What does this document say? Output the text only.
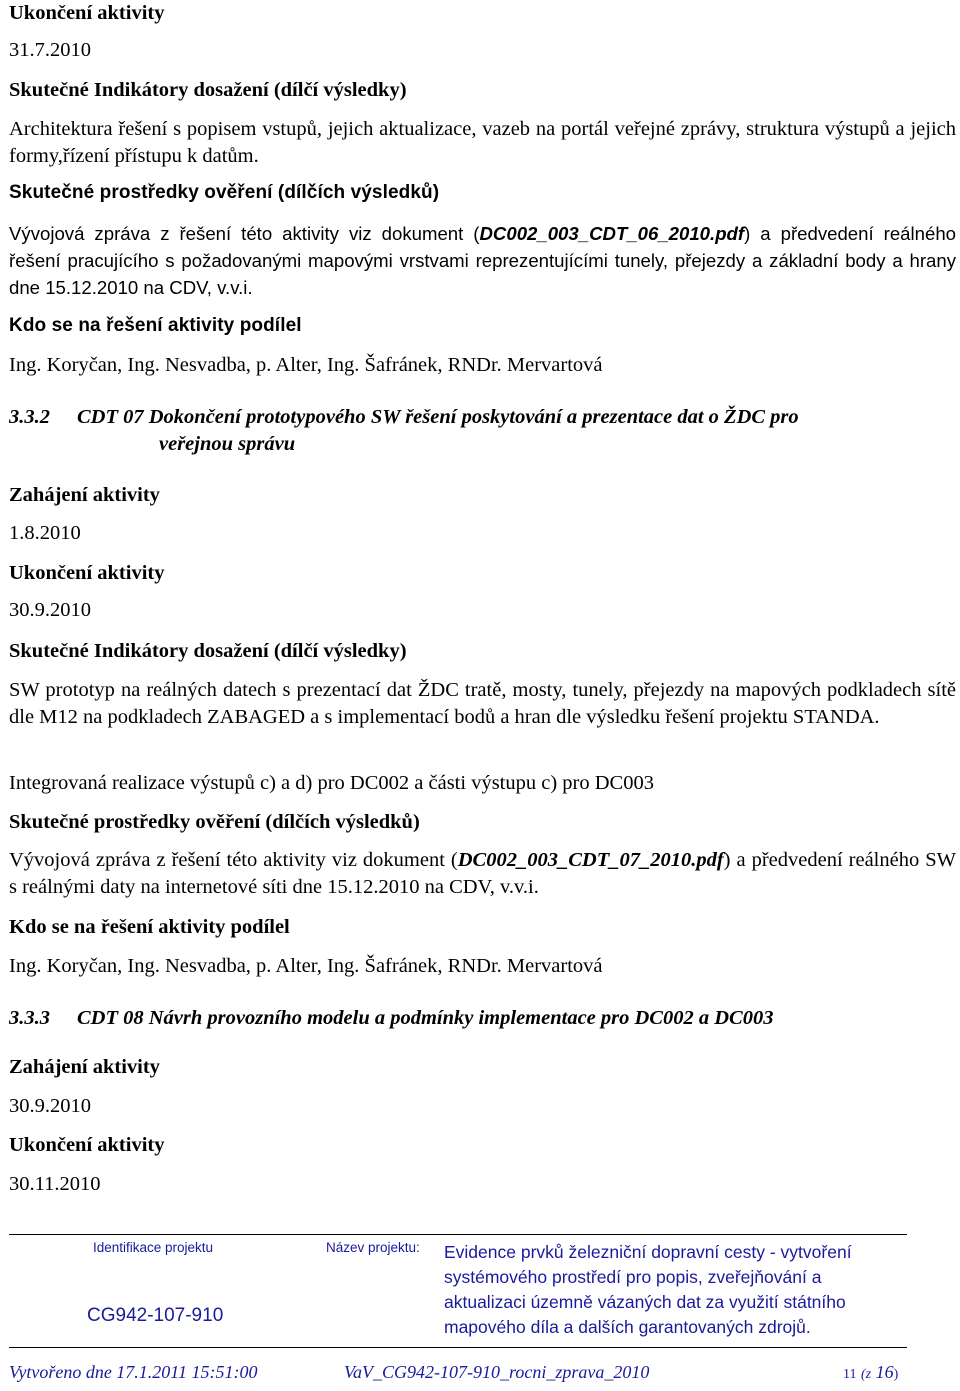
Ukončení aktivity
31.7.2010
Skutečné Indikátory dosažení (dílčí výsledky)
Architektura řešení s popisem vstupů, jejich aktualizace, vazeb na portál veřejné zprávy, struktura výstupů a jejich formy,řízení přístupu k datům.
Skutečné prostředky ověření (dílčích výsledků)
Vývojová zpráva z řešení této aktivity viz dokument (DC002_003_CDT_06_2010.pdf) a předvedení reálného řešení pracujícího s požadovanými mapovými vrstvami reprezentujícími tunely, přejezdy a základní body a hrany dne 15.12.2010 na CDV, v.v.i.
Kdo se na řešení aktivity podílel
Ing. Koryčan, Ing. Nesvadba, p. Alter, Ing. Šafránek, RNDr. Mervartová
3.3.2 CDT 07 Dokončení prototypového SW řešení poskytování a prezentace dat o ŽDC pro
veřejnou správu
Zahájení aktivity
1.8.2010
Ukončení aktivity
30.9.2010
Skutečné Indikátory dosažení (dílčí výsledky)
SW prototyp na reálných datech s prezentací dat ŽDC tratě, mosty, tunely, přejezdy na mapových podkladech sítě dle M12 na podkladech ZABAGED a s implementací bodů a hran dle výsledku řešení projektu STANDA.
Integrovaná realizace výstupů c) a d) pro DC002 a části výstupu c) pro DC003
Skutečné prostředky ověření (dílčích výsledků)
Vývojová zpráva z řešení této aktivity viz dokument (DC002_003_CDT_07_2010.pdf) a předvedení reálného SW s reálnými daty na internetové síti dne 15.12.2010 na CDV, v.v.i.
Kdo se na řešení aktivity podílel
Ing. Koryčan, Ing. Nesvadba, p. Alter, Ing. Šafránek, RNDr. Mervartová
3.3.3 CDT 08 Návrh provozního modelu a podmínky implementace pro DC002 a DC003
Zahájení aktivity
30.9.2010
Ukončení aktivity
30.11.2010
Identifikace projektu
CG942-107-910
Název projektu: Evidence prvků železniční dopravní cesty - vytvoření systémového prostředí pro popis, zveřejňování a aktualizaci územně vázaných dat za využití státního mapového díla a dalších garantovaných zdrojů.
Vytvořeno dne 17.1.2011 15:51:00	VaV_CG942-107-910_rocni_zprava_2010	11 (z 16)
